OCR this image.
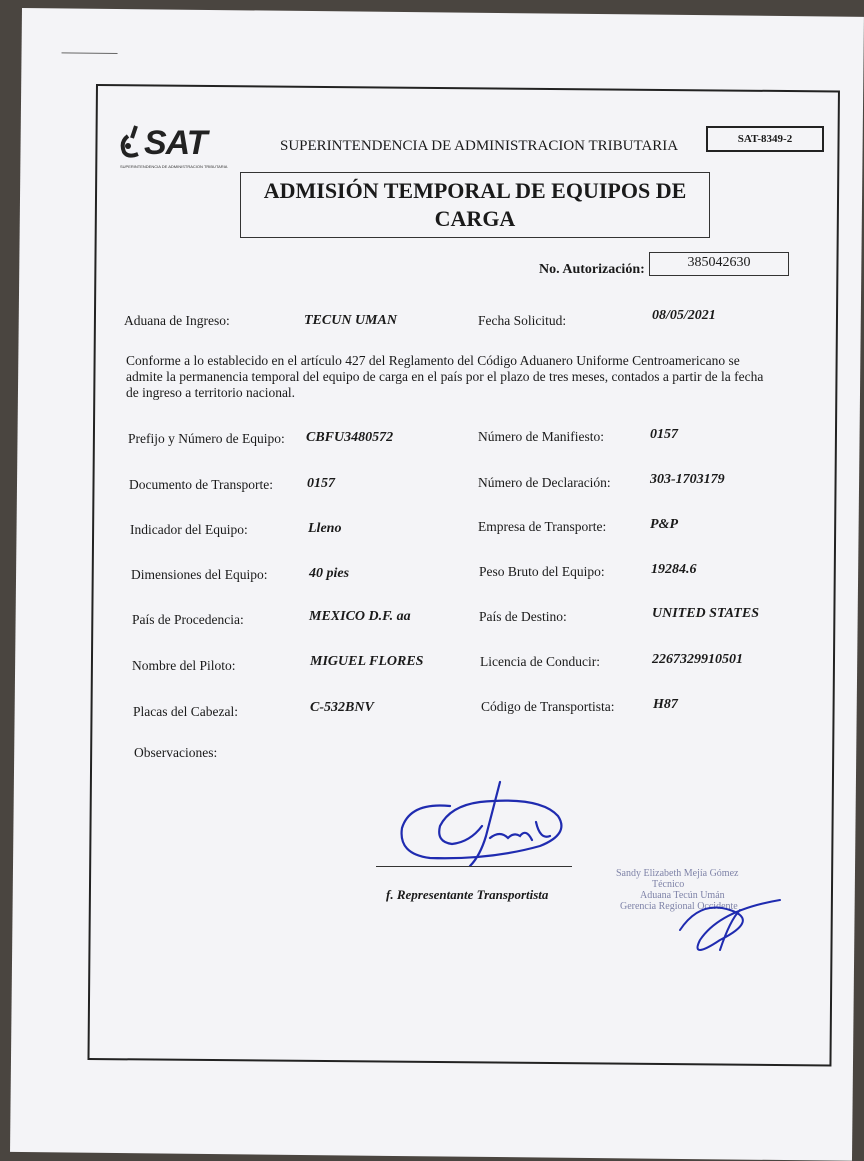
SAT
SUPERINTENDENCIA DE ADMINISTRACION TRIBUTARIA
SUPERINTENDENCIA DE ADMINISTRACION TRIBUTARIA	SAT-8349-2
ADMISIÓN TEMPORAL DE EQUIPOS DE
CARGA
No. Autorización:	385042630
Aduana de Ingreso:	TECUN UMAN	Fecha Solicitud:	08/05/2021
Conforme a lo establecido en el artículo 427 del Reglamento del Código Aduanero Uniforme Centroamericano se
admite la permanencia temporal del equipo de carga en el país por el plazo de tres meses, contados a partir de la fecha
de ingreso a territorio nacional.
Prefijo y Número de Equipo: CBFU3480572	Número de Manifiesto:	0157
Documento de Transporte: 0157	Número de Declaración:	303-1703179
Indicador del Equipo:	Lleno	Empresa de Transporte:	P&P
Dimensiones del Equipo:	40 pies	Peso Bruto del Equipo:	19284.6
País de Procedencia:	MEXICO D.F. aa	País de Destino:	UNITED STATES
Nombre del Piloto:	MIGUEL FLORES	Licencia de Conducir:	2267329910501
Placas del Cabezal:	C-532BNV	Código de Transportista:	H87
Observaciones:
f. Representante Transportista
Sandy Elizabeth Mejía Gómez
Técnico
Aduana Tecún Umán
Gerencia Regional Occidente
